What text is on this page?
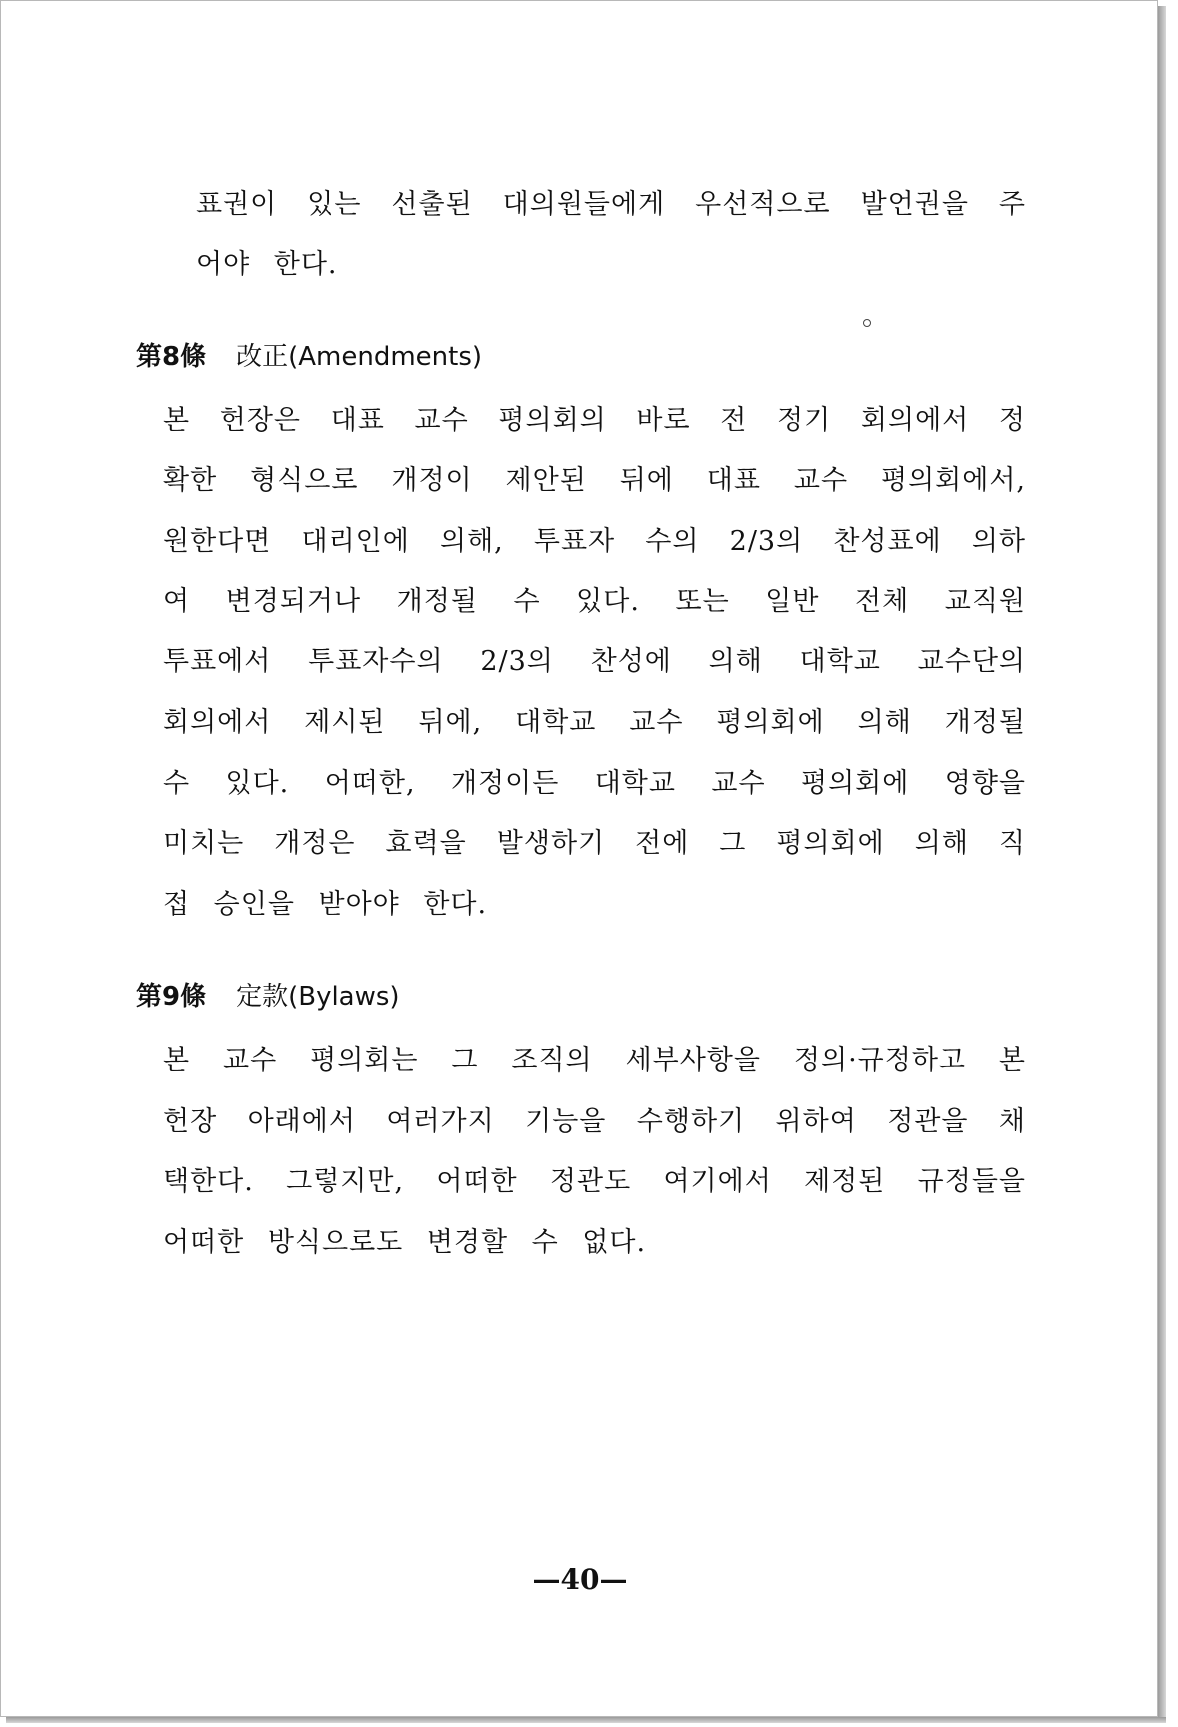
표권이 있는 선출된 대의원들에게 우선적으로 발언권을 주
어야 한다.
第8條 改正(Amendments)
본 헌장은 대표 교수 평의회의 바로 전 정기 회의에서 정
확한 형식으로 개정이 제안된 뒤에 대표 교수 평의회에서,
원한다면 대리인에 의해, 투표자 수의 2/3의 찬성표에 의하
여 변경되거나 개정될 수 있다. 또는 일반 전체 교직원
투표에서 투표자수의 2/3의 찬성에 의해 대학교 교수단의
회의에서 제시된 뒤에, 대학교 교수 평의회에 의해 개정될
수 있다. 어떠한, 개정이든 대학교 교수 평의회에 영향을
미치는 개정은 효력을 발생하기 전에 그 평의회에 의해 직
접 승인을 받아야 한다.
第9條 定款(Bylaws)
본 교수 평의회는 그 조직의 세부사항을 정의·규정하고 본
헌장 아래에서 여러가지 기능을 수행하기 위하여 정관을 채
택한다. 그렇지만, 어떠한 정관도 여기에서 제정된 규정들을
어떠한 방식으로도 변경할 수 없다.
—40—
